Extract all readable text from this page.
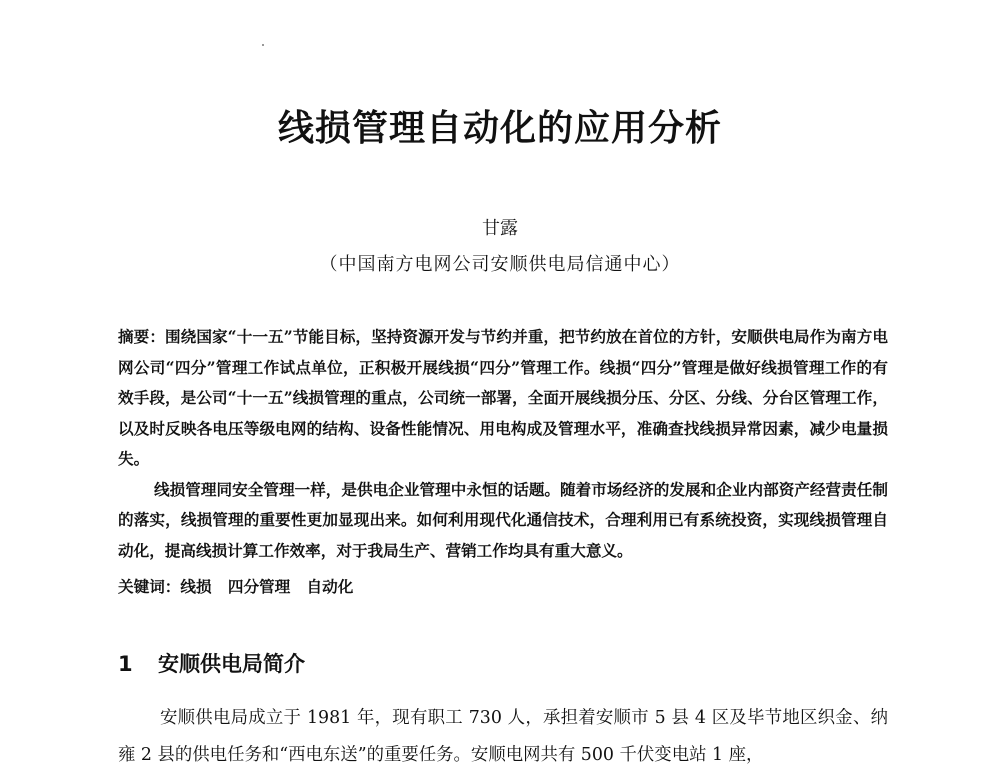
线损管理自动化的应用分析
甘露
（中国南方电网公司安顺供电局信通中心）

摘要：围绕国家“十一五”节能目标，坚持资源开发与节约并重，把节约放在首位的方针，安顺供电局作为南方电网公司“四分”管理工作试点单位，正积极开展线损“四分”管理工作。线损“四分”管理是做好线损管理工作的有效手段，是公司“十一五”线损管理的重点，公司统一部署，全面开展线损分压、分区、分线、分台区管理工作，以及时反映各电压等级电网的结构、设备性能情况、用电构成及管理水平，准确查找线损异常因素，减少电量损失。

线损管理同安全管理一样，是供电企业管理中永恒的话题。随着市场经济的发展和企业内部资产经营责任制的落实，线损管理的重要性更加显现出来。如何利用现代化通信技术，合理利用已有系统投资，实现线损管理自动化，提高线损计算工作效率，对于我局生产、营销工作均具有重大意义。

关键词：线损   四分管理   自动化
1 安顺供电局简介

安顺供电局成立于 1981 年，现有职工 730 人，承担着安顺市 5 县 4 区及毕节地区织金、纳雍 2 县的供电任务和“西电东送”的重要任务。安顺电网共有 500 千伏变电站 1 座，
